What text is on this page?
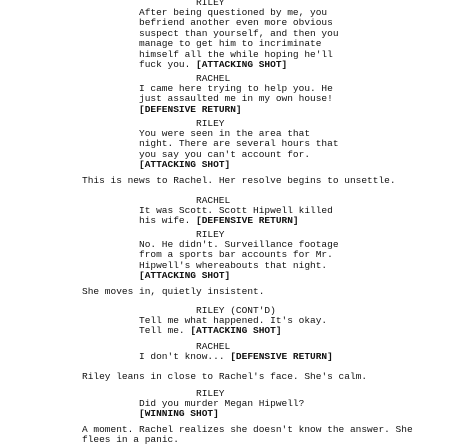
RILEY
After being questioned by me, you
befriend another even more obvious
suspect than yourself, and then you
manage to get him to incriminate
himself all the while hoping he'll
fuck you. [ATTACKING SHOT]
RACHEL
I came here trying to help you. He
just assaulted me in my own house!
[DEFENSIVE RETURN]
RILEY
You were seen in the area that
night. There are several hours that
you say you can't account for.
[ATTACKING SHOT]
This is news to Rachel. Her resolve begins to unsettle.
RACHEL
It was Scott. Scott Hipwell killed
his wife. [DEFENSIVE RETURN]
RILEY
No. He didn't. Surveillance footage
from a sports bar accounts for Mr.
Hipwell's whereabouts that night.
[ATTACKING SHOT]
She moves in, quietly insistent.
RILEY (CONT'D)
Tell me what happened. It's okay.
Tell me. [ATTACKING SHOT]
RACHEL
I don't know... [DEFENSIVE RETURN]
Riley leans in close to Rachel's face. She's calm.
RILEY
Did you murder Megan Hipwell?
[WINNING SHOT]
A moment. Rachel realizes she doesn't know the answer. She
flees in a panic.
